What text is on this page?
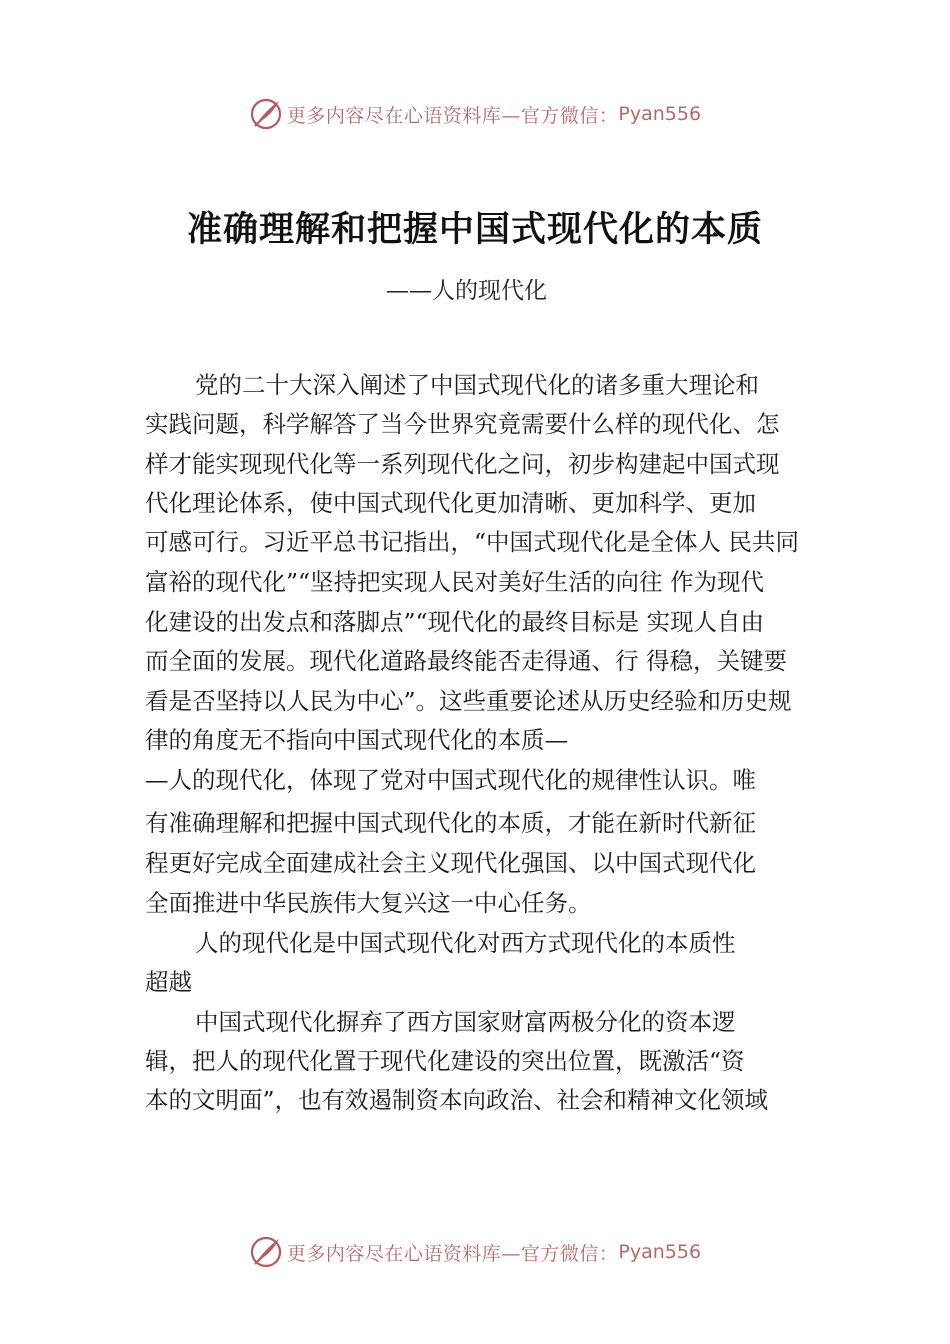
更多内容尽在心语资料库—官方微信： Pyan556
准确理解和把握中国式现代化的本质
——人的现代化
党的二十大深入阐述了中国式现代化的诸多重大理论和
实践问题，科学解答了当今世界究竟需要什么样的现代化、怎
样才能实现现代化等一系列现代化之问，初步构建起中国式现
代化理论体系，使中国式现代化更加清晰、更加科学、更加
可感可行。习近平总书记指出，“中国式现代化是全体人 民共同
富裕的现代化”“坚持把实现人民对美好生活的向往 作为现代
化建设的出发点和落脚点”“现代化的最终目标是 实现人自由
而全面的发展。现代化道路最终能否走得通、行 得稳，关键要
看是否坚持以人民为中心”。这些重要论述从历史经验和历史规
律的角度无不指向中国式现代化的本质—
—人的现代化，体现了党对中国式现代化的规律性认识。唯
有准确理解和把握中国式现代化的本质，才能在新时代新征
程更好完成全面建成社会主义现代化强国、以中国式现代化
全面推进中华民族伟大复兴这一中心任务。
人的现代化是中国式现代化对西方式现代化的本质性
超越
中国式现代化摒弃了西方国家财富两极分化的资本逻
辑，把人的现代化置于现代化建设的突出位置，既激活“资
本的文明面”，也有效遏制资本向政治、社会和精神文化领域
更多内容尽在心语资料库—官方微信： Pyan556
